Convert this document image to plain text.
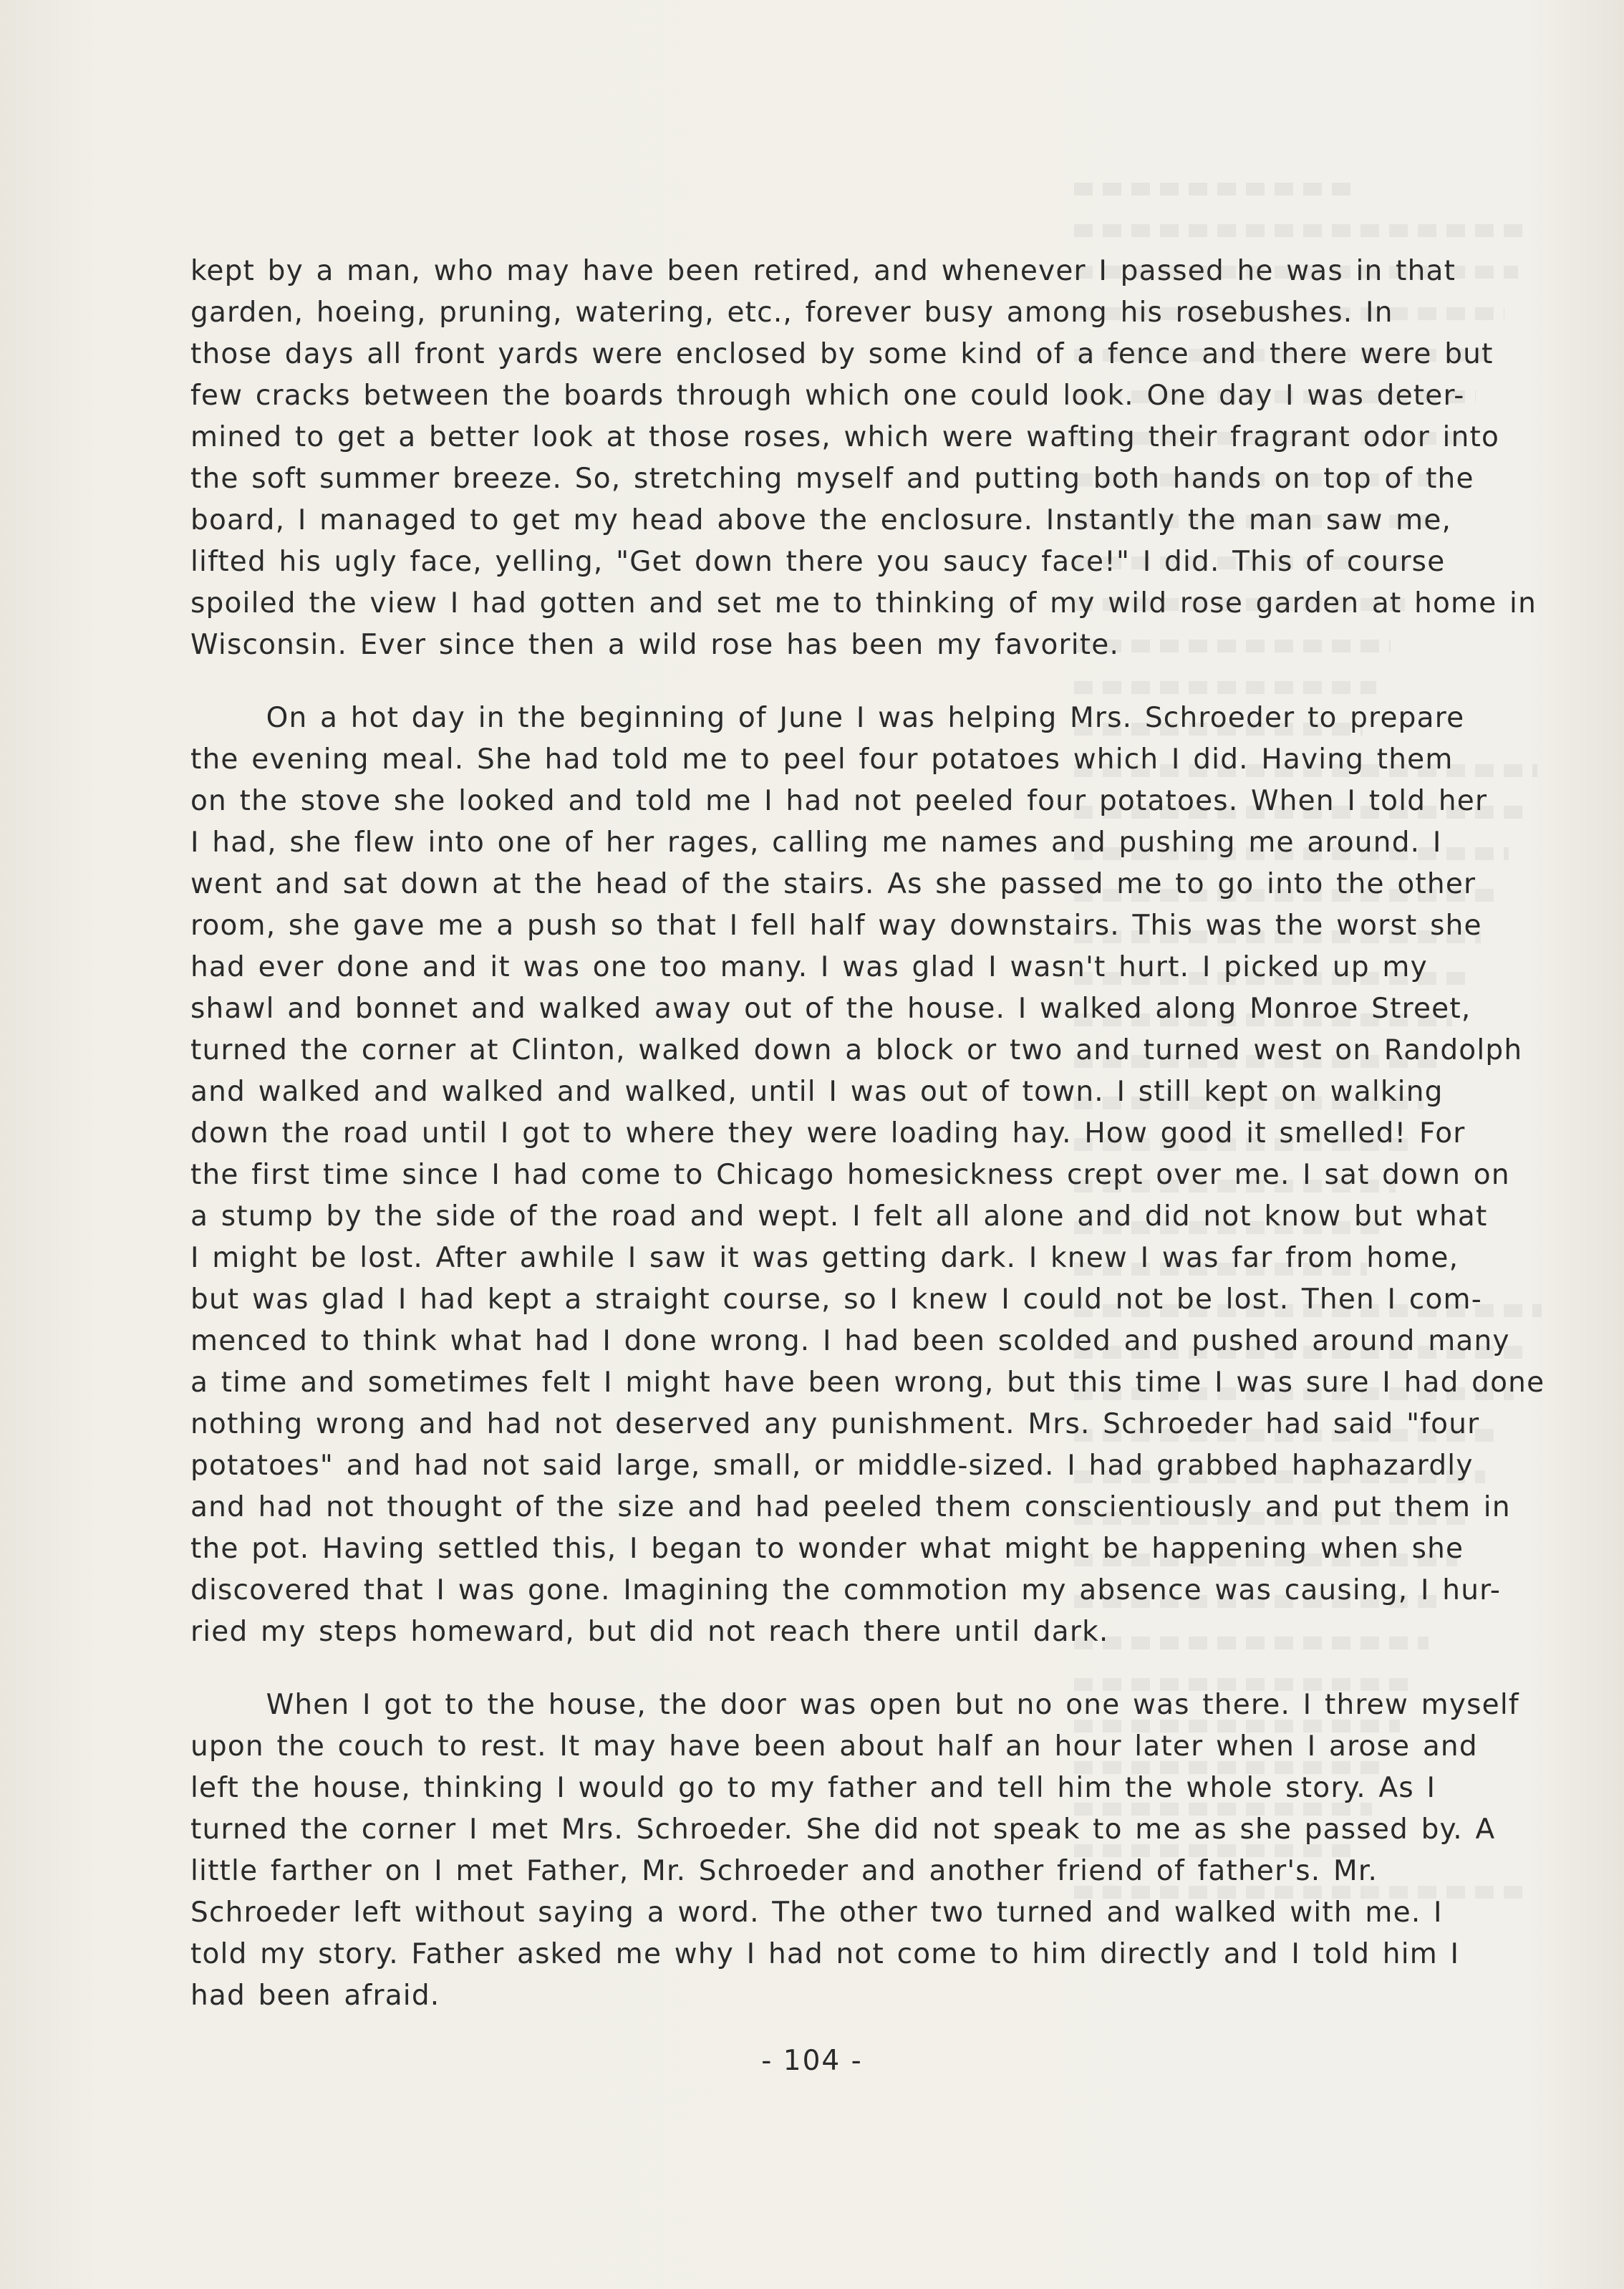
kept by a man, who may have been retired, and whenever I passed he was in that
garden, hoeing, pruning, watering, etc., forever busy among his rosebushes. In
those days all front yards were enclosed by some kind of a fence and there were but
few cracks between the boards through which one could look. One day I was deter-
mined to get a better look at those roses, which were wafting their fragrant odor into
the soft summer breeze. So, stretching myself and putting both hands on top of the
board, I managed to get my head above the enclosure. Instantly the man saw me,
lifted his ugly face, yelling, "Get down there you saucy face!" I did. This of course
spoiled the view I had gotten and set me to thinking of my wild rose garden at home in
Wisconsin. Ever since then a wild rose has been my favorite.
On a hot day in the beginning of June I was helping Mrs. Schroeder to prepare
the evening meal. She had told me to peel four potatoes which I did. Having them
on the stove she looked and told me I had not peeled four potatoes. When I told her
I had, she flew into one of her rages, calling me names and pushing me around. I
went and sat down at the head of the stairs. As she passed me to go into the other
room, she gave me a push so that I fell half way downstairs. This was the worst she
had ever done and it was one too many. I was glad I wasn't hurt. I picked up my
shawl and bonnet and walked away out of the house. I walked along Monroe Street,
turned the corner at Clinton, walked down a block or two and turned west on Randolph
and walked and walked and walked, until I was out of town. I still kept on walking
down the road until I got to where they were loading hay. How good it smelled! For
the first time since I had come to Chicago homesickness crept over me. I sat down on
a stump by the side of the road and wept. I felt all alone and did not know but what
I might be lost. After awhile I saw it was getting dark. I knew I was far from home,
but was glad I had kept a straight course, so I knew I could not be lost. Then I com-
menced to think what had I done wrong. I had been scolded and pushed around many
a time and sometimes felt I might have been wrong, but this time I was sure I had done
nothing wrong and had not deserved any punishment. Mrs. Schroeder had said "four
potatoes" and had not said large, small, or middle-sized. I had grabbed haphazardly
and had not thought of the size and had peeled them conscientiously and put them in
the pot. Having settled this, I began to wonder what might be happening when she
discovered that I was gone. Imagining the commotion my absence was causing, I hur-
ried my steps homeward, but did not reach there until dark.
When I got to the house, the door was open but no one was there. I threw myself
upon the couch to rest. It may have been about half an hour later when I arose and
left the house, thinking I would go to my father and tell him the whole story. As I
turned the corner I met Mrs. Schroeder. She did not speak to me as she passed by. A
little farther on I met Father, Mr. Schroeder and another friend of father's. Mr.
Schroeder left without saying a word. The other two turned and walked with me. I
told my story. Father asked me why I had not come to him directly and I told him I
had been afraid.
- 104 -
